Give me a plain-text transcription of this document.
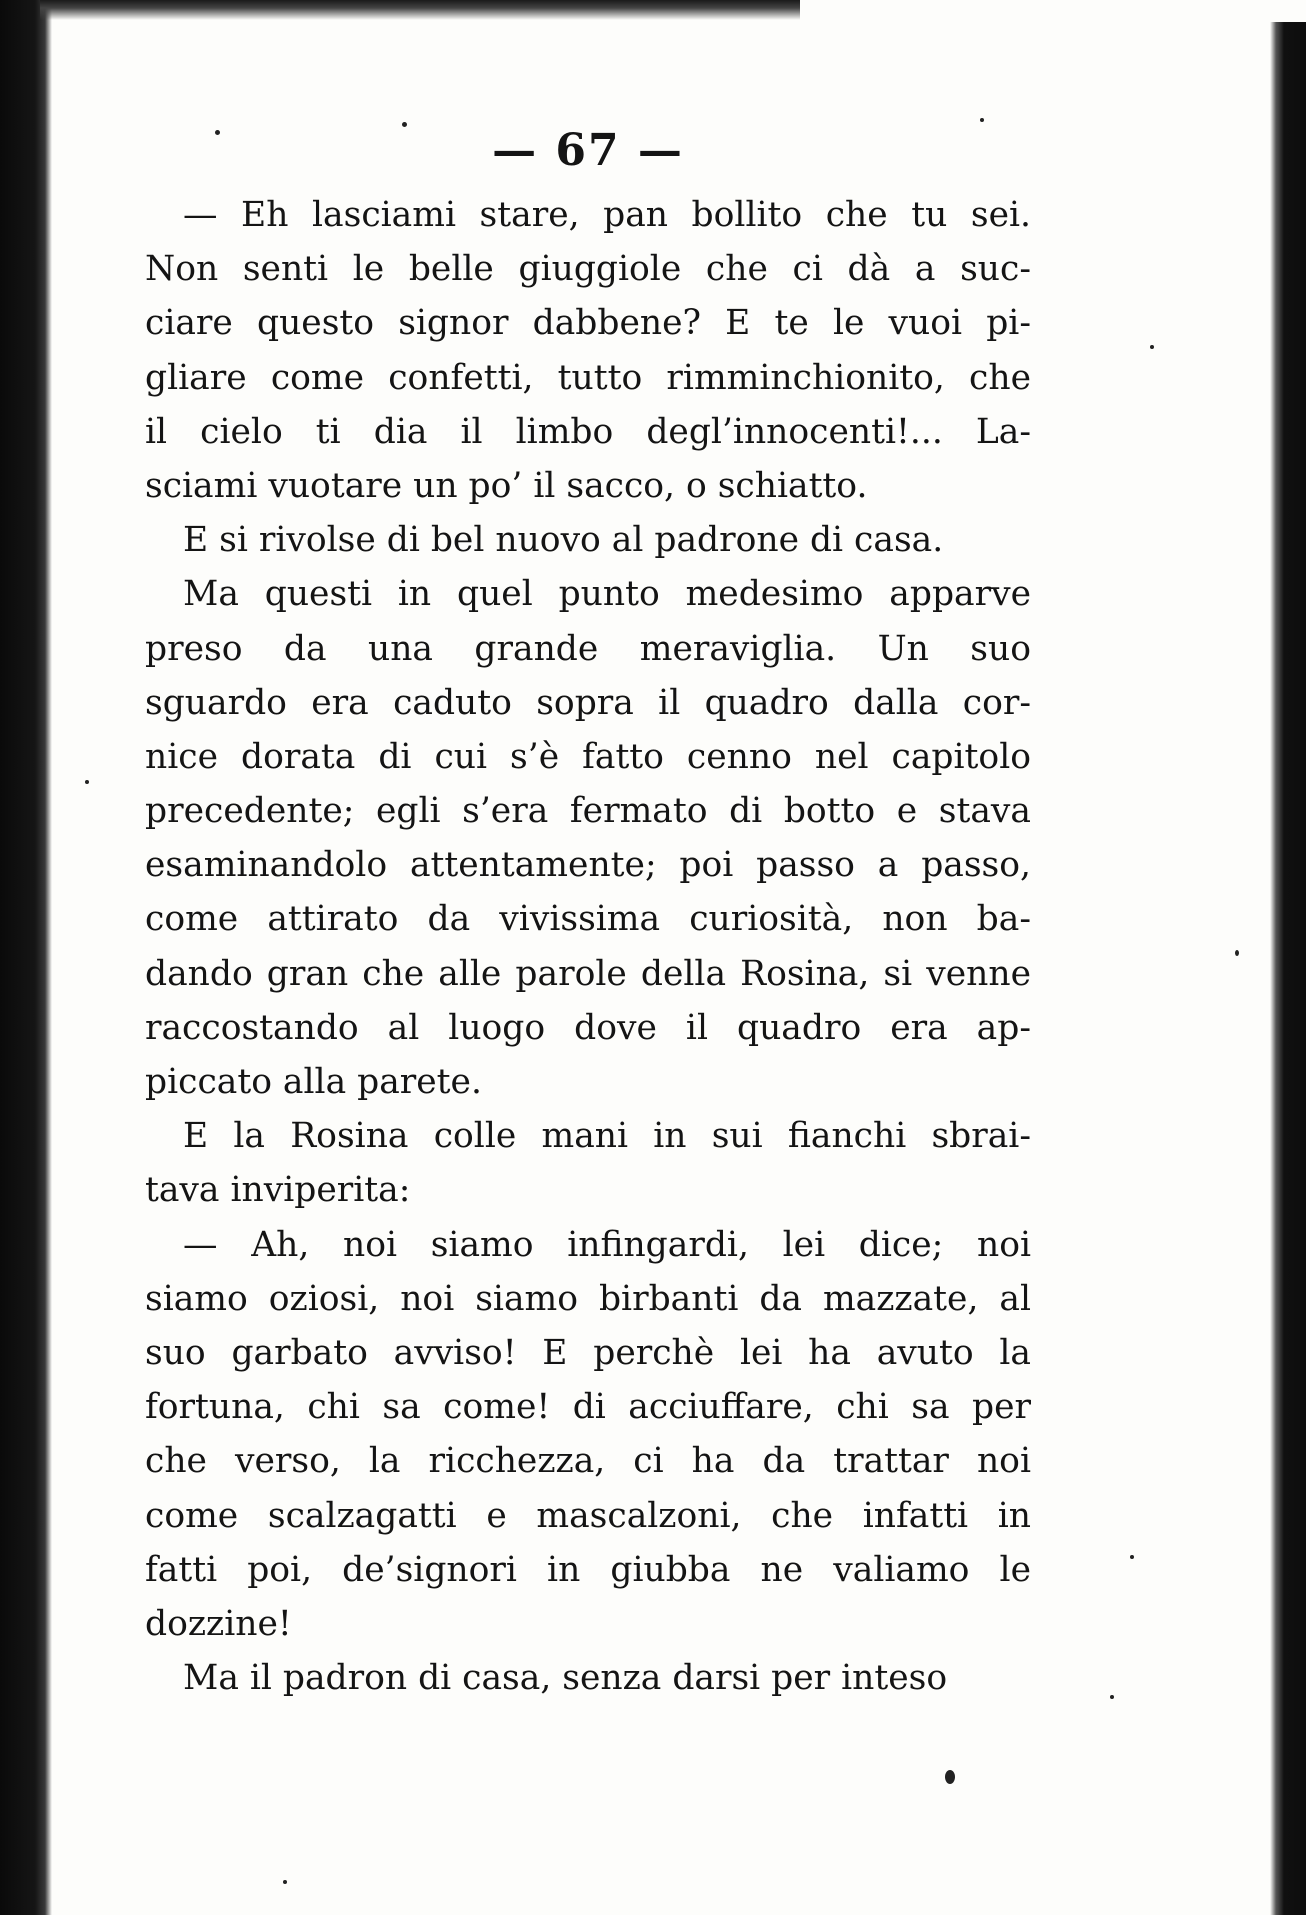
— 67 —
— Eh lasciami stare, pan bollito che tu sei.
Non senti le belle giuggiole che ci dà a suc-
ciare questo signor dabbene? E te le vuoi pi-
gliare come confetti, tutto rimminchionito, che
il cielo ti dia il limbo degl’innocenti!... La-
sciami vuotare un po’ il sacco, o schiatto.
E si rivolse di bel nuovo al padrone di casa.
Ma questi in quel punto medesimo apparve
preso da una grande meraviglia. Un suo
sguardo era caduto sopra il quadro dalla cor-
nice dorata di cui s’è fatto cenno nel capitolo
precedente; egli s’era fermato di botto e stava
esaminandolo attentamente; poi passo a passo,
come attirato da vivissima curiosità, non ba-
dando gran che alle parole della Rosina, si venne
raccostando al luogo dove il quadro era ap-
piccato alla parete.
E la Rosina colle mani in sui fianchi sbrai-
tava inviperita:
— Ah, noi siamo infingardi, lei dice; noi
siamo oziosi, noi siamo birbanti da mazzate, al
suo garbato avviso! E perchè lei ha avuto la
fortuna, chi sa come! di acciuffare, chi sa per
che verso, la ricchezza, ci ha da trattar noi
come scalzagatti e mascalzoni, che infatti in
fatti poi, de’signori in giubba ne valiamo le
dozzine!
Ma il padron di casa, senza darsi per inteso
